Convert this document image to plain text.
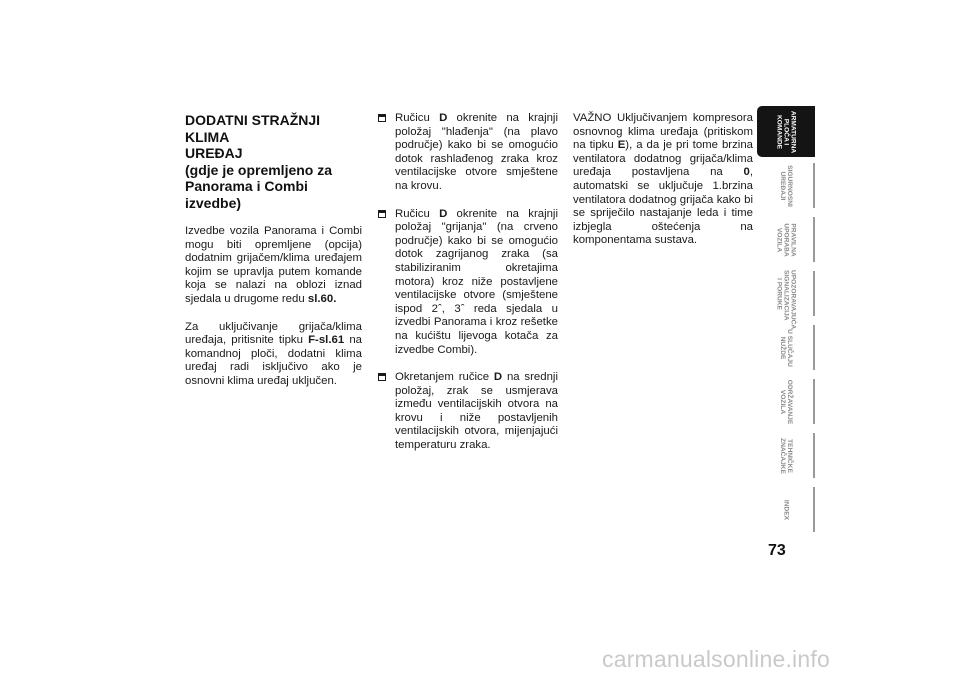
DODATNI STRAŽNJI KLIMA
UREĐAJ
(gdje je opremljeno za
Panorama i Combi izvedbe)

Izvedbe vozila Panorama i Combi mogu biti opremljene (opcija) dodatnim grijačem/klima uređajem kojim se upravlja putem komande koja se nalazi na oblozi iznad sjedala u drugome redu sl.60.

Za uključivanje grijača/klima uređaja, pritisnite tipku F-sl.61 na komandnoj ploči, dodatni klima uređaj radi isključivo ako je osnovni klima uređaj uključen.

Ručicu D okrenite na krajnji položaj "hlađenja" (na plavo područje) kako bi se omogućio dotok rashlađenog zraka kroz ventilacijske otvore smještene na krovu.
Ručicu D okrenite na krajnji položaj "grijanja" (na crveno područje) kako bi se omogućio dotok zagrijanog zraka (sa stabiliziranim okretajima motora) kroz niže postavljene ventilacijske otvore (smještene ispod 2ˆ, 3ˆ reda sjedala u izvedbi Panorama i kroz rešetke na kućištu lijevoga kotača za izvedbe Combi).
Okretanjem ručice D na srednji položaj, zrak se usmjerava između ventilacijskih otvora na krovu i niže postavljenih ventilacijskih otvora, mijenjajući temperaturu zraka.

VAŽNO Uključivanjem kompresora osnovnog klima uređaja (pritiskom na tipku E), a da je pri tome brzina ventilatora dodatnog grijača/klima uređaja postavljena na 0, automatski se uključuje 1.brzina ventilatora dodatnog grijača kako bi se spriječilo nastajanje leda i time izbjegla oštećenja na komponentama sustava.

ARMATURNA PLOČA I KOMANDE
SIGURNOSNI UREĐAJI
PRAVILNA UPORABA VOZILA
UPOZORAVAJUĆA SIGNALIZACIJA I PORUKE
U SLUČAJU NUŽDE
ODRŽAVANJE VOZILA
TEHNIČKE ZNAČAJKE
INDEX
73
carmanualsonline.info
